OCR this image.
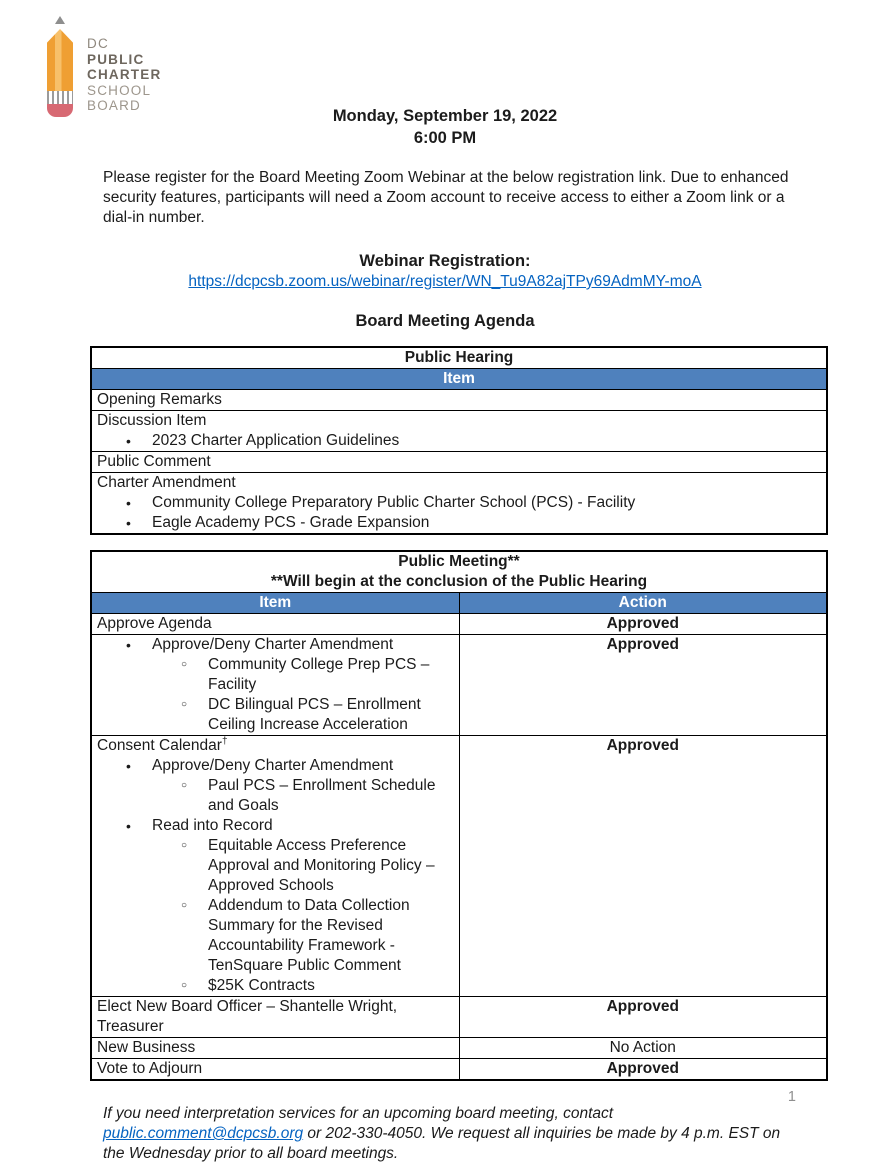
DC
PUBLIC
CHARTER
SCHOOL
BOARD
Monday, September 19, 2022
6:00 PM

Please register for the Board Meeting Zoom Webinar at the below registration link. Due to enhanced security features, participants will need a Zoom account to receive access to either a Zoom link or a dial-in number.

Webinar Registration:
https://dcpcsb.zoom.us/webinar/register/WN_Tu9A82ajTPy69AdmMY-moA
Board Meeting Agenda
Public Hearing
Item
Opening Remarks

Discussion Item
•	2023 Charter Application Guidelines

Public Comment

Charter Amendment
•	Community College Preparatory Public Charter School (PCS) - Facility
•	Eagle Academy PCS - Grade Expansion
Public Meeting**
**Will begin at the conclusion of the Public Hearing	

Item	Action
Approve Agenda	Approved

•	Approve/Deny Charter Amendment
○	Community College Prep PCS – Facility
○	DC Bilingual PCS – Enrollment Ceiling Increase Acceleration
	Approved

Consent Calendar†
•	Approve/Deny Charter Amendment
○	Paul PCS – Enrollment Schedule and Goals
•	Read into Record
○	Equitable Access Preference Approval and Monitoring Policy – Approved Schools
○	Addendum to Data Collection Summary for the Revised Accountability Framework - TenSquare Public Comment
○	$25K Contracts
	Approved
Elect New Board Officer – Shantelle Wright, Treasurer	Approved
New Business	No Action
Vote to Adjourn	Approved

If you need interpretation services for an upcoming board meeting, contact public.comment@dcpcsb.org or 202-330-4050. We request all inquiries be made by 4 p.m. EST on the Wednesday prior to all board meetings.

1
